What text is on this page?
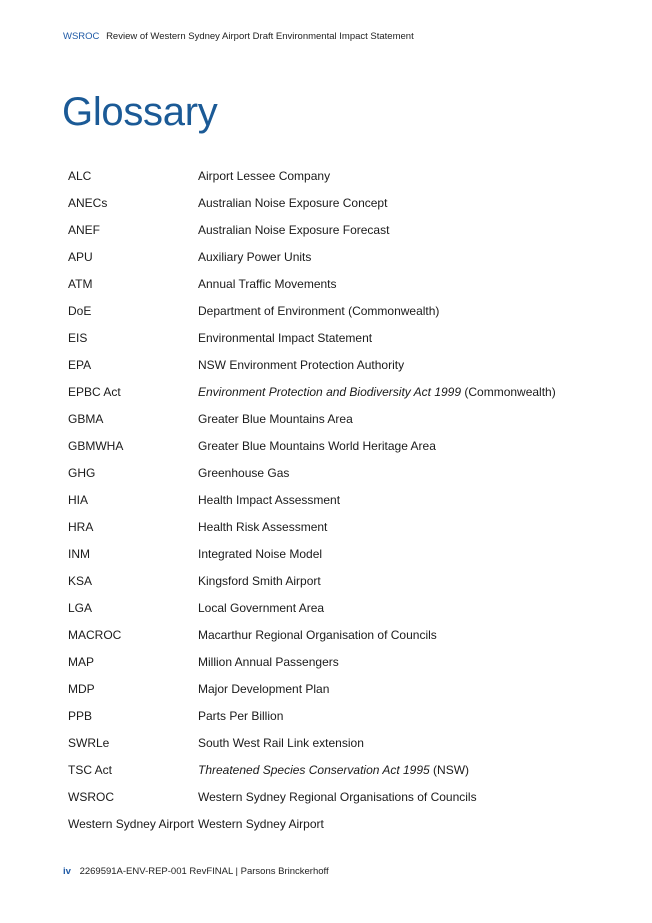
WSROC Review of Western Sydney Airport Draft Environmental Impact Statement
Glossary
ALC	Airport Lessee Company
ANECs	Australian Noise Exposure Concept
ANEF	Australian Noise Exposure Forecast
APU	Auxiliary Power Units
ATM	Annual Traffic Movements
DoE	Department of Environment (Commonwealth)
EIS	Environmental Impact Statement
EPA	NSW Environment Protection Authority
EPBC Act	Environment Protection and Biodiversity Act 1999 (Commonwealth)
GBMA	Greater Blue Mountains Area
GBMWHA	Greater Blue Mountains World Heritage Area
GHG	Greenhouse Gas
HIA	Health Impact Assessment
HRA	Health Risk Assessment
INM	Integrated Noise Model
KSA	Kingsford Smith Airport
LGA	Local Government Area
MACROC	Macarthur Regional Organisation of Councils
MAP	Million Annual Passengers
MDP	Major Development Plan
PPB	Parts Per Billion
SWRLe	South West Rail Link extension
TSC Act	Threatened Species Conservation Act 1995 (NSW)
WSROC	Western Sydney Regional Organisations of Councils
Western Sydney Airport	Western Sydney Airport
iv 2269591A-ENV-REP-001 RevFINAL | Parsons Brinckerhoff
